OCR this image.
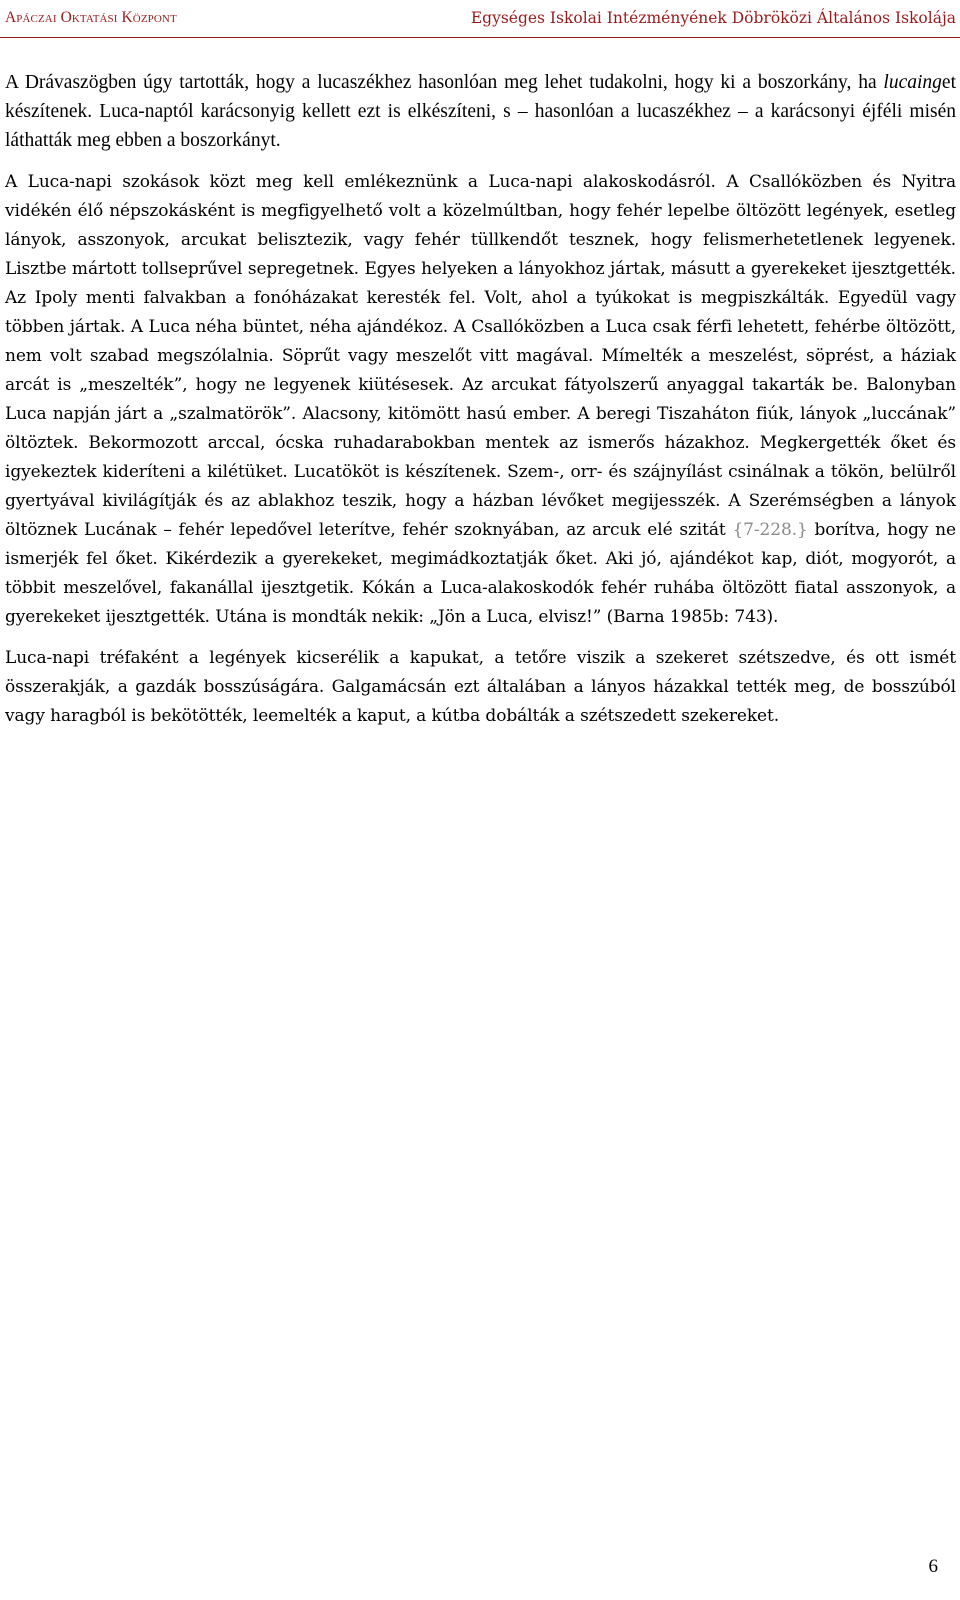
Apáczai Oktatási Központ	Egységes Iskolai Intézményének Döbröközi Általános Iskolája

A Drávaszögben úgy tartották, hogy a lucaszékhez hasonlóan meg lehet tudakolni, hogy ki a boszorkány, ha lucainget készítenek. Luca-naptól karácsonyig kellett ezt is elkészíteni, s – hasonlóan a lucaszékhez – a karácsonyi éjféli misén láthatták meg ebben a boszorkányt.

A Luca-napi szokások közt meg kell emlékeznünk a Luca-napi alakoskodásról. A Csallóközben és Nyitra vidékén élő népszokásként is megfigyelhető volt a közelmúltban, hogy fehér lepelbe öltözött legények, esetleg lányok, asszonyok, arcukat belisztezik, vagy fehér tüllkendőt tesznek, hogy felismerhetetlenek legyenek. Lisztbe mártott tollseprűvel sepregetnek. Egyes helyeken a lányokhoz jártak, másutt a gyerekeket ijesztgették. Az Ipoly menti falvakban a fonóházakat keresték fel. Volt, ahol a tyúkokat is megpiszkálták. Egyedül vagy többen jártak. A Luca néha büntet, néha ajándékoz. A Csallóközben a Luca csak férfi lehetett, fehérbe öltözött, nem volt szabad megszólalnia. Söprűt vagy meszelőt vitt magával. Mímelték a meszelést, söprést, a háziak arcát is „meszelték”, hogy ne legyenek kiütésesek. Az arcukat fátyolszerű anyaggal takarták be. Balonyban Luca napján járt a „szalmatörök”. Alacsony, kitömött hasú ember. A beregi Tiszaháton fiúk, lányok „luccának” öltöztek. Bekormozott arccal, ócska ruhadarabokban mentek az ismerős házakhoz. Megkergették őket és igyekeztek kideríteni a kilétüket. Lucatököt is készítenek. Szem-, orr- és szájnyílást csinálnak a tökön, belülről gyertyával kivilágítják és az ablakhoz teszik, hogy a házban lévőket megijesszék. A Szerémségben a lányok öltöznek Lucának – fehér lepedővel leterítve, fehér szoknyában, az arcuk elé szitát {7-228.} borítva, hogy ne ismerjék fel őket. Kikérdezik a gyerekeket, megimádkoztatják őket. Aki jó, ajándékot kap, diót, mogyorót, a többit meszelővel, fakanállal ijesztgetik. Kókán a Luca-alakoskodók fehér ruhába öltözött fiatal asszonyok, a gyerekeket ijesztgették. Utána is mondták nekik: „Jön a Luca, elvisz!” (Barna 1985b: 743).

Luca-napi tréfaként a legények kicserélik a kapukat, a tetőre viszik a szekeret szétszedve, és ott ismét összerakják, a gazdák bosszúságára. Galgamácsán ezt általában a lányos házakkal tették meg, de bosszúból vagy haragból is bekötötték, leemelték a kaput, a kútba dobálták a szétszedett szekereket.

6
